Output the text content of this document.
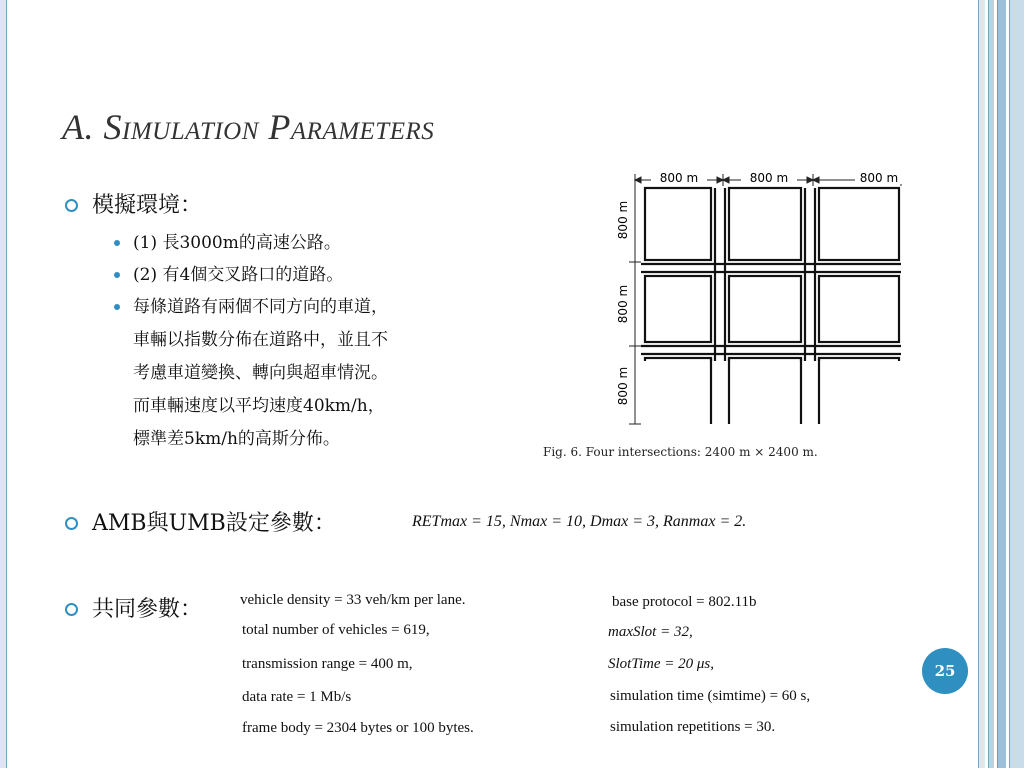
A. Simulation Parameters
模擬環境：
(1) 長3000m的高速公路。
(2) 有4個交叉路口的道路。
每條道路有兩個不同方向的車道，
車輛以指數分佈在道路中，並且不
考慮車道變換、轉向與超車情況。
而車輛速度以平均速度40km/h，
標準差5km/h的高斯分佈。
800 m	800 m	800 m
800 m
800 m
800 m
Fig. 6. Four intersections: 2400 m × 2400 m.
AMB與UMB設定參數：	RETmax = 15, Nmax = 10, Dmax = 3, Ranmax = 2.
共同參數：	vehicle density = 33 veh/km per lane.
total number of vehicles = 619,
transmission range = 400 m,
data rate = 1 Mb/s
frame body = 2304 bytes or 100 bytes.
base protocol = 802.11b
maxSlot = 32,
SlotTime = 20 μs,
simulation time (simtime) = 60 s,
simulation repetitions = 30.
25
